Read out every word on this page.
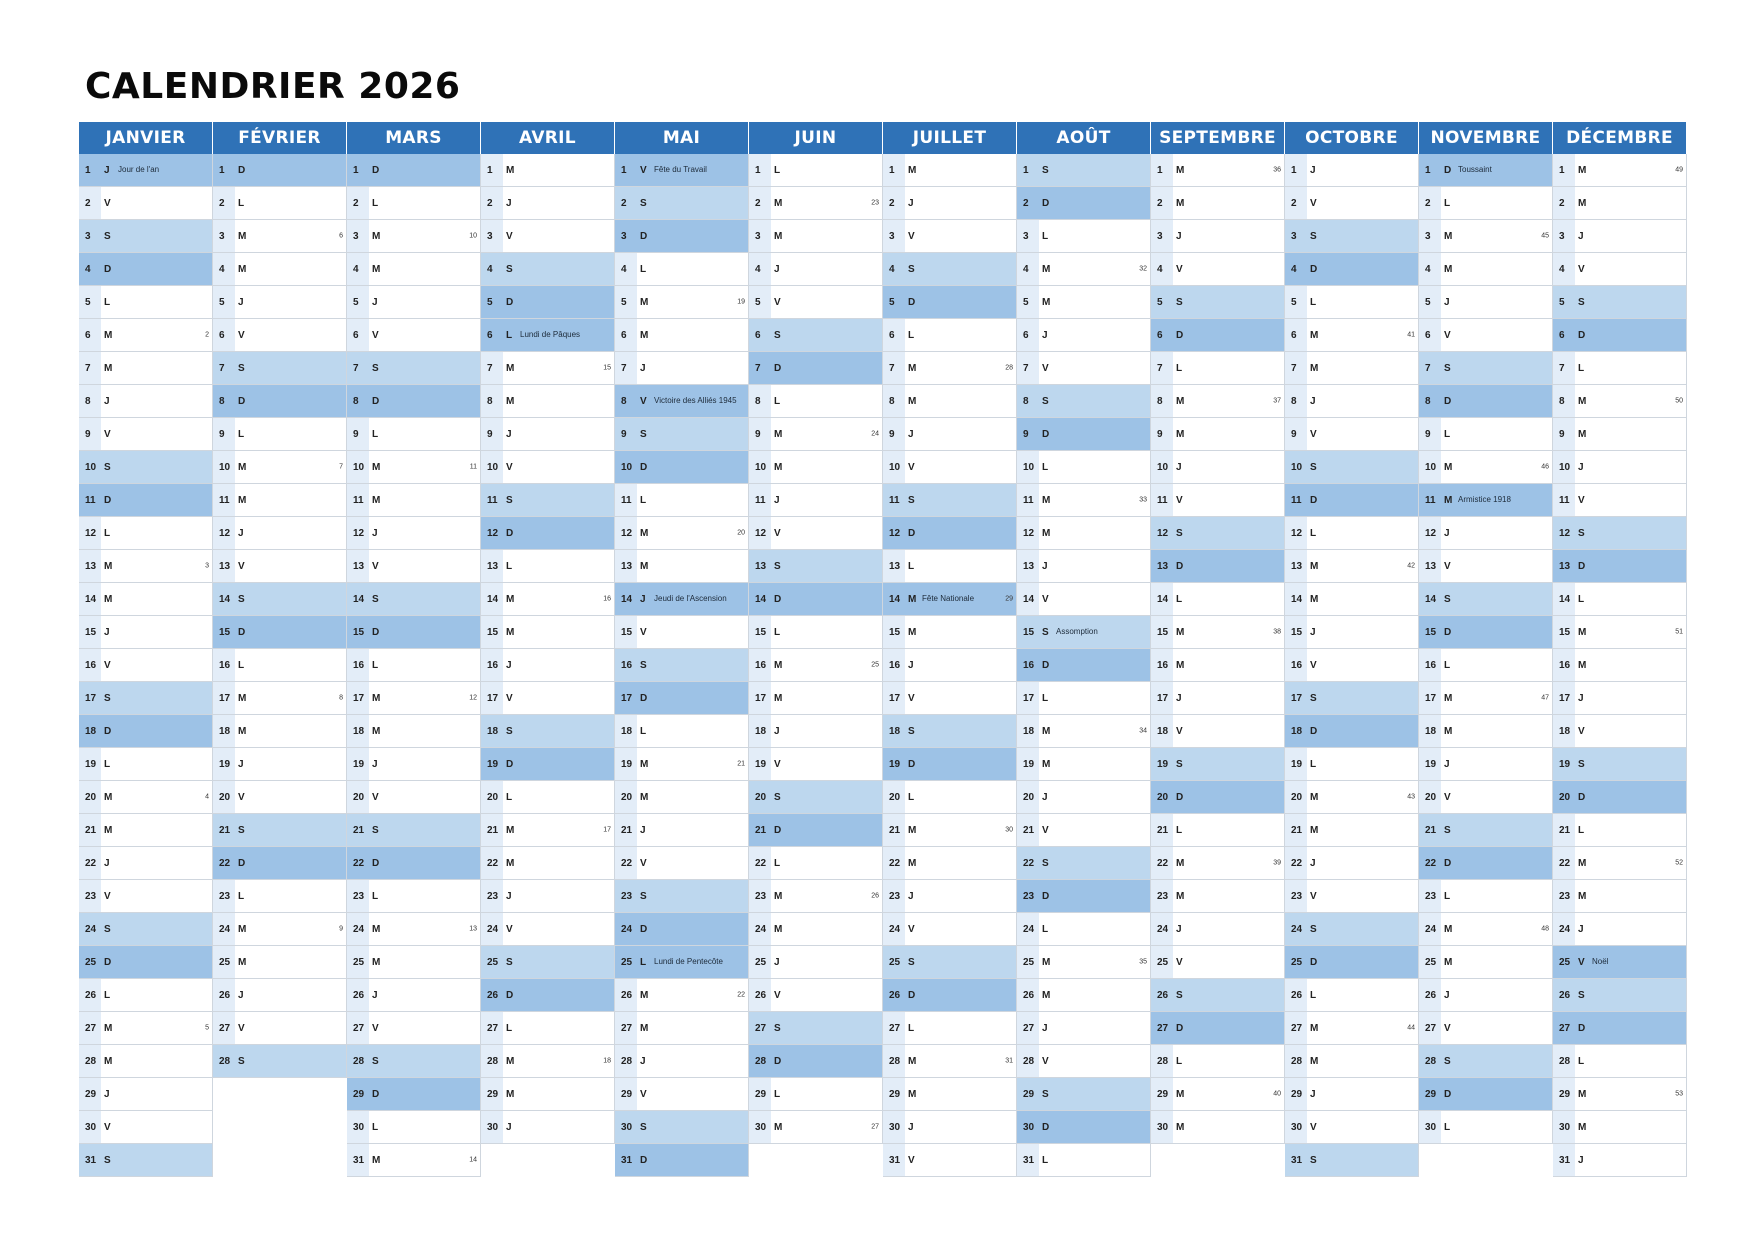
CALENDRIER 2026
JANVIER
1	J	Jour de l'an
2	V
3	S
4	D
5	L
6	M	2
7	M
8	J
9	V
10 S
11 D
12 L
13 M	3
14 M
15 J
16 V
17 S
18 D
19 L
20 M	4
21 M
22 J
23 V
24 S
25 D
26 L
27 M	5
28 M
29 J
30 V
31 S
FÉVRIER
1	D
2	L
3	M	6
4	M
5	J
6	V
7	S
8	D
9	L
10 M	7
11 M
12 J
13 V
14 S
15 D
16 L
17 M	8
18 M
19 J
20 V
21 S
22 D
23 L
24 M	9
25 M
26 J
27 V
28 S
MARS
1	D
2	L
3	M	10
4	M
5	J
6	V
7	S
8	D
9	L
10 M	11
11 M
12 J
13 V
14 S
15 D
16 L
17 M	12
18 M
19 J
20 V
21 S
22 D
23 L
24 M	13
25 M
26 J
27 V
28 S
29 D
30 L
31 M	14
AVRIL
1	M
2	J
3	V
4	S
5	D
6	L Lundi de Pâques
7	M	15
8	M
9	J
10 V
11 S
12 D
13 L
14 M	16
15 M
16 J
17 V
18 S
19 D
20 L
21 M	17
22 M
23 J
24 V
25 S
26 D
27 L
28 M	18
29 M
30 J
MAI
1	V Fête du Travail
2	S
3	D
4	L
5	M	19
6	M
7	J
8	V Victoire des Alliés 1945
9	S
10 D
11 L
12 M	20
13 M
14 J	Jeudi de l'Ascension
15 V
16 S
17 D
18 L
19 M	21
20 M
21 J
22 V
23 S
24 D
25 L Lundi de Pentecôte
26 M	22
27 M
28 J
29 V
30 S
31 D
JUIN
1	L
2	M	23
3	M
4	J
5	V
6	S
7	D
8	L
9	M	24
10 M
11 J
12 V
13 S
14 D
15 L
16 M	25
17 M
18 J
19 V
20 S
21 D
22 L
23 M	26
24 M
25 J
26 V
27 S
28 D
29 L
30 M	27
JUILLET
1	M
2	J
3	V
4	S
5	D
6	L
7	M	28
8	M
9	J
10 V
11 S
12 D
13 L
14 M Fête Nationale	29
15 M
16 J
17 V
18 S
19 D
20 L
21 M	30
22 M
23 J
24 V
25 S
26 D
27 L
28 M	31
29 M
30 J
31 V
AOÛT
1	S
2	D
3	L
4	M	32
5	M
6	J
7	V
8	S
9	D
10 L
11 M	33
12 M
13 J
14 V
15 S Assomption
16 D
17 L
18 M	34
19 M
20 J
21 V
22 S
23 D
24 L
25 M	35
26 M
27 J
28 V
29 S
30 D
31 L
SEPTEMBRE
1	M	36
2	M
3	J
4	V
5	S
6	D
7	L
8	M	37
9	M
10 J
11 V
12 S
13 D
14 L
15 M	38
16 M
17 J
18 V
19 S
20 D
21 L
22 M	39
23 M
24 J
25 V
26 S
27 D
28 L
29 M	40
30 M
OCTOBRE
1	J
2	V
3	S
4	D
5	L
6	M	41
7	M
8	J
9	V
10 S
11 D
12 L
13 M	42
14 M
15 J
16 V
17 S
18 D
19 L
20 M	43
21 M
22 J
23 V
24 S
25 D
26 L
27 M	44
28 M
29 J
30 V
31 S
NOVEMBRE
1	D Toussaint
2	L
3	M	45
4	M
5	J
6	V
7	S
8	D
9	L
10 M	46
11 M Armistice 1918
12 J
13 V
14 S
15 D
16 L
17 M	47
18 M
19 J
20 V
21 S
22 D
23 L
24 M	48
25 M
26 J
27 V
28 S
29 D
30 L
DÉCEMBRE
1	M	49
2	M
3	J
4	V
5	S
6	D
7	L
8	M	50
9	M
10 J
11 V
12 S
13 D
14 L
15 M	51
16 M
17 J
18 V
19 S
20 D
21 L
22 M	52
23 M
24 J
25 V Noël
26 S
27 D
28 L
29 M	53
30 M
31 J
